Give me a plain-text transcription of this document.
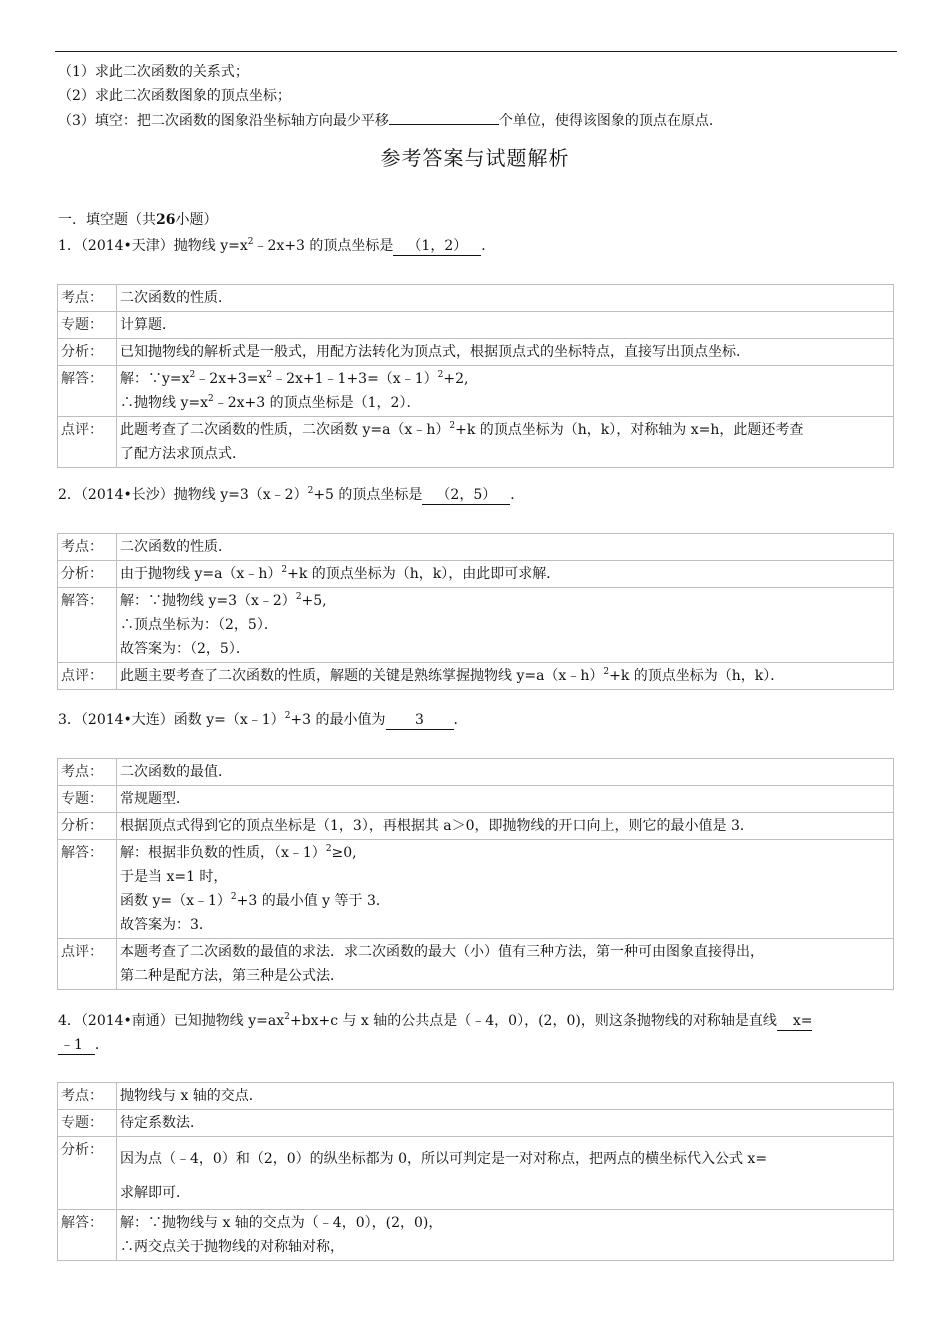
（1）求此二次函数的关系式；
（2）求此二次函数图象的顶点坐标；
（3）填空：把二次函数的图象沿坐标轴方向最少平移	个单位，使得该图象的顶点在原点.
参考答案与试题解析
一．填空题（共26小题）
1．（2014•天津）抛物线 $y=x^2﹣2x+3$ 的顶点坐标是 （1，2） ．
考点：	二次函数的性质．
专题：	计算题．
分析：	已知抛物线的解析式是一般式，用配方法转化为顶点式，根据顶点式的坐标特点，直接写出顶点坐标．
解答：	解：$\because y=x^2﹣2x+3=x^2﹣2x+1﹣1+3=(x﹣1)^2+2$,
∴抛物线 $y=x^2﹣2x+3$ 的顶点坐标是（1，2）．

点评：	此题考查了二次函数的性质，二次函数 y=a（x﹣h）$^2$+k 的顶点坐标为（h，k），对称轴为 x=h，此题还考查
了配方法求顶点式．
2．（2014•长沙）抛物线 y=3（x﹣2）$^2$+5 的顶点坐标是 （2，5） ．
考点：	二次函数的性质．
分析：	由于抛物线 y=a（x﹣h）$^2$+k 的顶点坐标为（h，k），由此即可求解．
解答：	解：∵抛物线 y=3（x﹣2）$^2$+5,
∴顶点坐标为：（2，5）．
故答案为：（2，5）．

点评：	此题主要考查了二次函数的性质，解题的关键是熟练掌握抛物线 y=a（x﹣h）$^2$+k 的顶点坐标为（h，k）．
3．（2014•大连）函数 y=（x﹣1）$^2$+3 的最小值为 3 ．
考点：	二次函数的最值．
专题：	常规题型．
分析：	根据顶点式得到它的顶点坐标是（1，3），再根据其 a＞0，即抛物线的开口向上，则它的最小值是 3．
解答：	解：根据非负数的性质，（x﹣1）$^2$≥0,
于是当 x=1 时，
函数 y=（x﹣1）$^2$+3 的最小值 y 等于 3．
故答案为：3．

点评：	本题考查了二次函数的最值的求法．求二次函数的最大（小）值有三种方法，第一种可由图象直接得出，
第二种是配方法，第三种是公式法．
4．（2014•南通）已知抛物线 $y=ax^2+bx+c$ 与 x 轴的公共点是（﹣4，0），(2，0)，则这条抛物线的对称轴是直线 x=
﹣1 ．
考点：	抛物线与 x 轴的交点．
专题：	待定系数法．
分析：	因为点（﹣4，0）和（2，0）的纵坐标都为 0，所以可判定是一对对称点，把两点的横坐标代入公式 x=
求解即可．

解答：	解：∵抛物线与 x 轴的交点为（﹣4，0），(2，0)，
∴两交点关于抛物线的对称轴对称，
